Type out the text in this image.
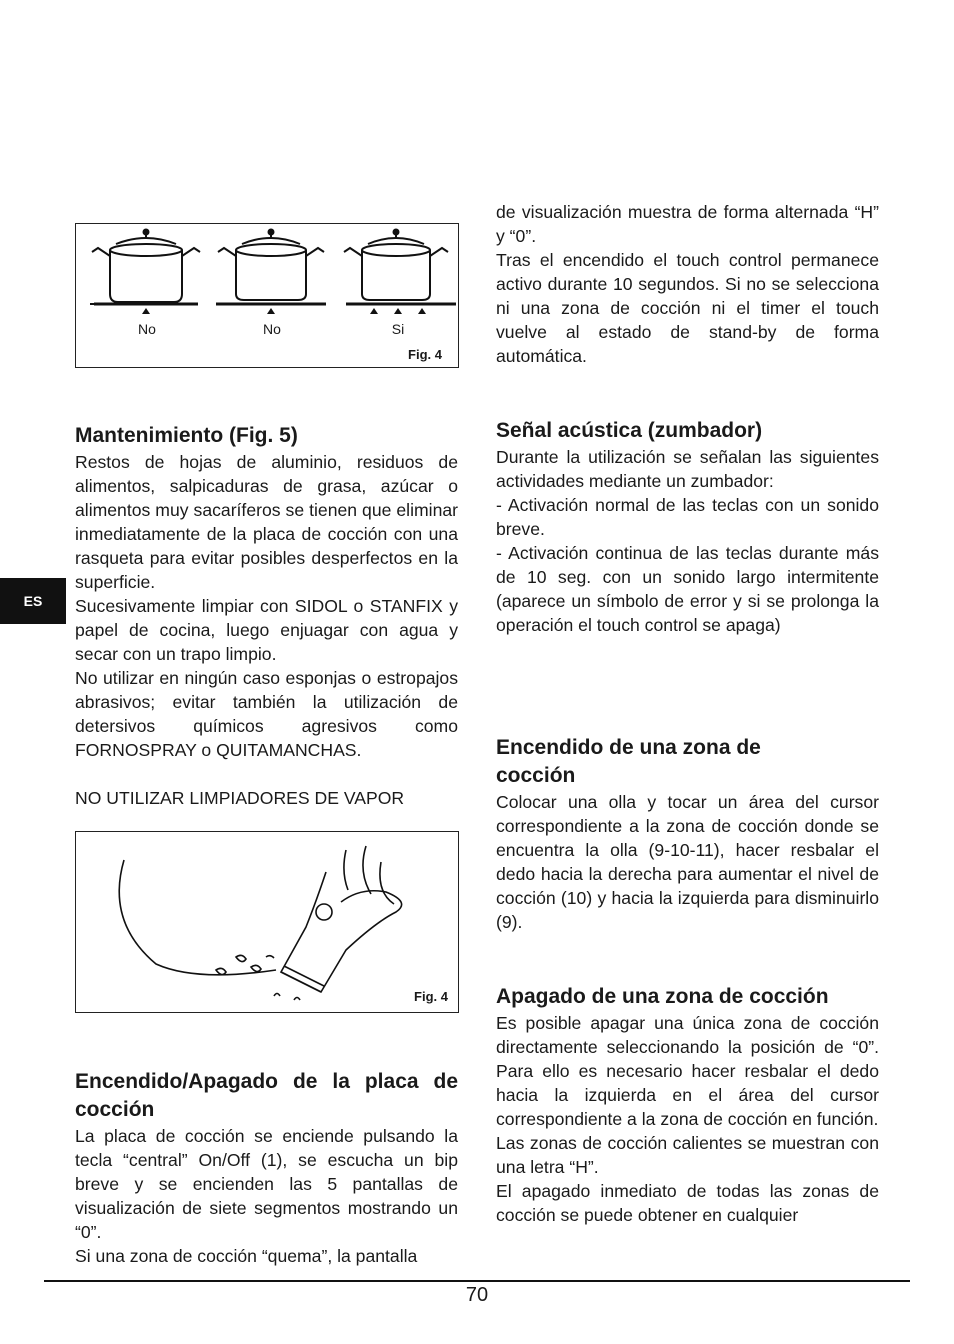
ES
No	No	Si
Fig. 4
Fig. 4
Mantenimiento (Fig. 5)

Restos de hojas de aluminio, residuos de alimentos, salpicaduras de grasa, azúcar o alimentos muy sacaríferos se tienen que eliminar inmediatamente de la placa de cocción con una rasqueta para evitar posibles desperfectos en la superficie.

Sucesivamente limpiar con SIDOL o STANFIX y papel de cocina, luego enjuagar con agua y secar con un trapo limpio.

No utilizar en ningún caso esponjas o estropajos abrasivos; evitar también la utilización de detersivos químicos agresivos como FORNOSPRAY o QUITAMANCHAS.

NO UTILIZAR LIMPIADORES DE VAPOR

Encendido/Apagado de la placa de cocción

La placa de cocción se enciende pulsando la tecla “central” On/Off (1), se escucha un bip breve y se encienden las 5 pantallas de visualización de siete segmentos mostrando un “0”.

Si una zona de cocción “quema”, la pantalla

de visualización muestra de forma alternada “H” y “0”.

Tras el encendido el touch control permanece activo durante 10 segundos. Si no se selecciona ni una zona de cocción ni el timer el touch vuelve al estado de stand-by de forma automática.

Señal acústica (zumbador)

Durante la utilización se señalan las siguientes actividades mediante un zumbador:

- Activación normal de las teclas con un sonido breve.

- Activación continua de las teclas durante más de 10 seg. con un sonido largo intermitente (aparece un símbolo de error y si se prolonga la operación el touch control se apaga)

Encendido de una zona de cocción

Colocar una olla y tocar un área del cursor correspondiente a la zona de cocción donde se encuentra la olla (9-10-11), hacer resbalar el dedo hacia la derecha para aumentar el nivel de cocción (10) y hacia la izquierda para disminuirlo (9).

Apagado de una zona de cocción

Es posible apagar una única zona de cocción directamente seleccionando la posición de “0”. Para ello es necesario hacer resbalar el dedo hacia la izquierda en el área del cursor correspondiente a la zona de cocción en función.

Las zonas de cocción calientes se muestran con una letra “H”.

El apagado inmediato de todas las zonas de cocción se puede obtener en cualquier

70
